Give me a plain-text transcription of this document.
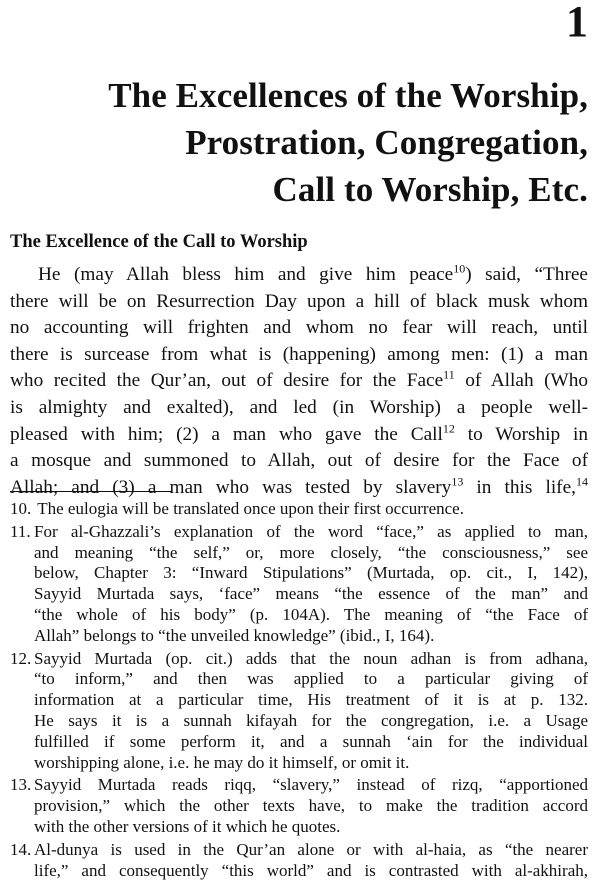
1
The Excellences of the Worship,
Prostration, Congregation,
Call to Worship, Etc.
The Excellence of the Call to Worship
He (may Allah bless him and give him peace$^{10}$) said, “Three
there will be on Resurrection Day upon a hill of black musk whom
no accounting will frighten and whom no fear will reach, until
there is surcease from what is (happening) among men: (1) a man
who recited the Qur’an, out of desire for the Face$^{11}$ of Allah (Who
is almighty and exalted), and led (in Worship) a people well-
pleased with him; (2) a man who gave the Call$^{12}$ to Worship in
a mosque and summoned to Allah, out of desire for the Face of
Allah; and (3) a man who was tested by slavery$^{13}$ in this life,$^{14}$
10. The eulogia will be translated once upon their first occurrence.
11. For al-Ghazzali’s explanation of the word “face,” as applied to man,
and meaning “the self,” or, more closely, “the consciousness,” see
below, Chapter 3: “Inward Stipulations” (Murtada, op. cit., I, 142),
Sayyid Murtada says, ‘face” means “the essence of the man” and
“the whole of his body” (p. 104A). The meaning of “the Face of
Allah” belongs to “the unveiled knowledge” (ibid., I, 164).
12. Sayyid Murtada (op. cit.) adds that the noun adhan is from adhana,
“to inform,” and then was applied to a particular giving of
information at a particular time, His treatment of it is at p. 132.
He says it is a sunnah kifayah for the congregation, i.e. a Usage
fulfilled if some perform it, and a sunnah ‘ain for the individual
worshipping alone, i.e. he may do it himself, or omit it.
13. Sayyid Murtada reads riqq, “slavery,” instead of rizq, “apportioned
provision,” which the other texts have, to make the tradition accord
with the other versions of it which he quotes.
14. Al-dunya is used in the Qur’an alone or with al-haia, as “the nearer
life,” and consequently “this world” and is contrasted with al-akhirah,
